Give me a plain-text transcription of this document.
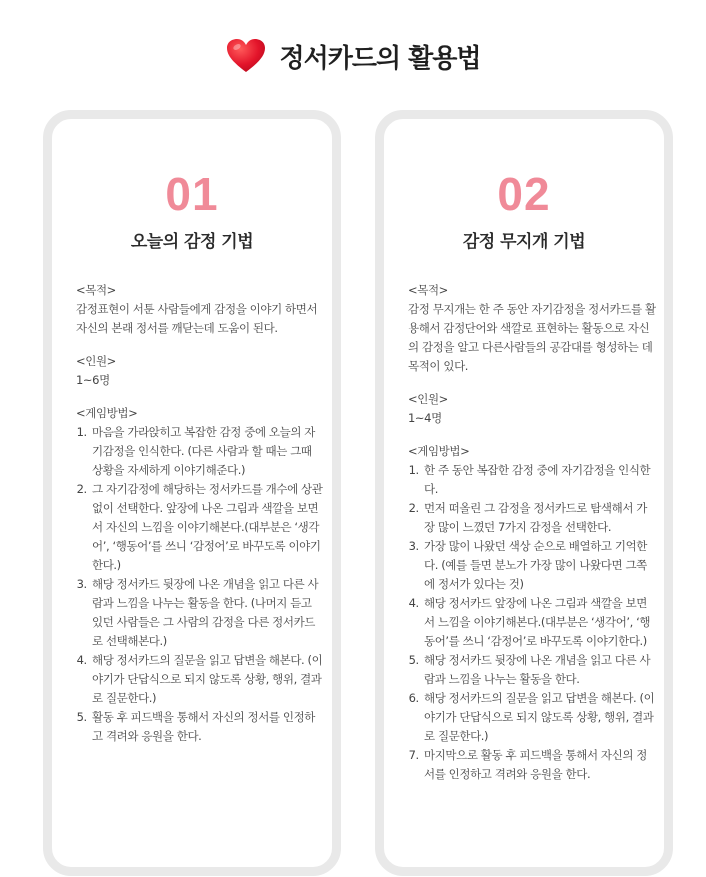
정서카드의 활용법
01
오늘의 감정 기법
<목적>
감정표현이 서툰 사람들에게 감정을 이야기 하면서 자신의 본래 정서를 깨닫는데 도움이 된다.
<인원>
1~6명
<게임방법>
1. 마음을 가라앉히고 복잡한 감정 중에 오늘의 자기감정을 인식한다. (다른 사람과 할 때는 그때 상황을 자세하게 이야기해준다.)
2. 그 자기감정에 해당하는 정서카드를 개수에 상관없이 선택한다. 앞장에 나온 그림과 색깔을 보면서 자신의 느낌을 이야기해본다.(대부분은 ‘생각어’, ‘행동어’를 쓰니 ‘감정어’로 바꾸도록 이야기한다.)
3. 해당 정서카드 뒷장에 나온 개념을 읽고 다른 사람과 느낌을 나누는 활동을 한다. (나머지 듣고 있던 사람들은 그 사람의 감정을 다른 정서카드로 선택해본다.)
4. 해당 정서카드의 질문을 읽고 답변을 해본다. (이야기가 단답식으로 되지 않도록 상황, 행위, 결과로 질문한다.)
5. 활동 후 피드백을 통해서 자신의 정서를 인정하고 격려와 응원을 한다.
02
감정 무지개 기법
<목적>
감정 무지개는 한 주 동안 자기감정을 정서카드를 활용해서 감정단어와 색깔로 표현하는 활동으로 자신의 감정을 알고 다른사람들의 공감대를 형성하는 데 목적이 있다.
<인원>
1~4명
<게임방법>
1. 한 주 동안 복잡한 감정 중에 자기감정을 인식한다.
2. 먼저 떠올린 그 감정을 정서카드로 탐색해서 가장 많이 느꼈던 7가지 감정을 선택한다.
3. 가장 많이 나왔던 색상 순으로 배열하고 기억한다. (예를 들면 분노가 가장 많이 나왔다면 그쪽에 정서가 있다는 것)
4. 해당 정서카드 앞장에 나온 그림과 색깔을 보면서 느낌을 이야기해본다.(대부분은 ‘생각어’, ‘행동어’를 쓰니 ‘감정어’로 바꾸도록 이야기한다.)
5. 해당 정서카드 뒷장에 나온 개념을 읽고 다른 사람과 느낌을 나누는 활동을 한다.
6. 해당 정서카드의 질문을 읽고 답변을 해본다. (이야기가 단답식으로 되지 않도록 상황, 행위, 결과로 질문한다.)
7. 마지막으로 활동 후 피드백을 통해서 자신의 정서를 인정하고 격려와 응원을 한다.
